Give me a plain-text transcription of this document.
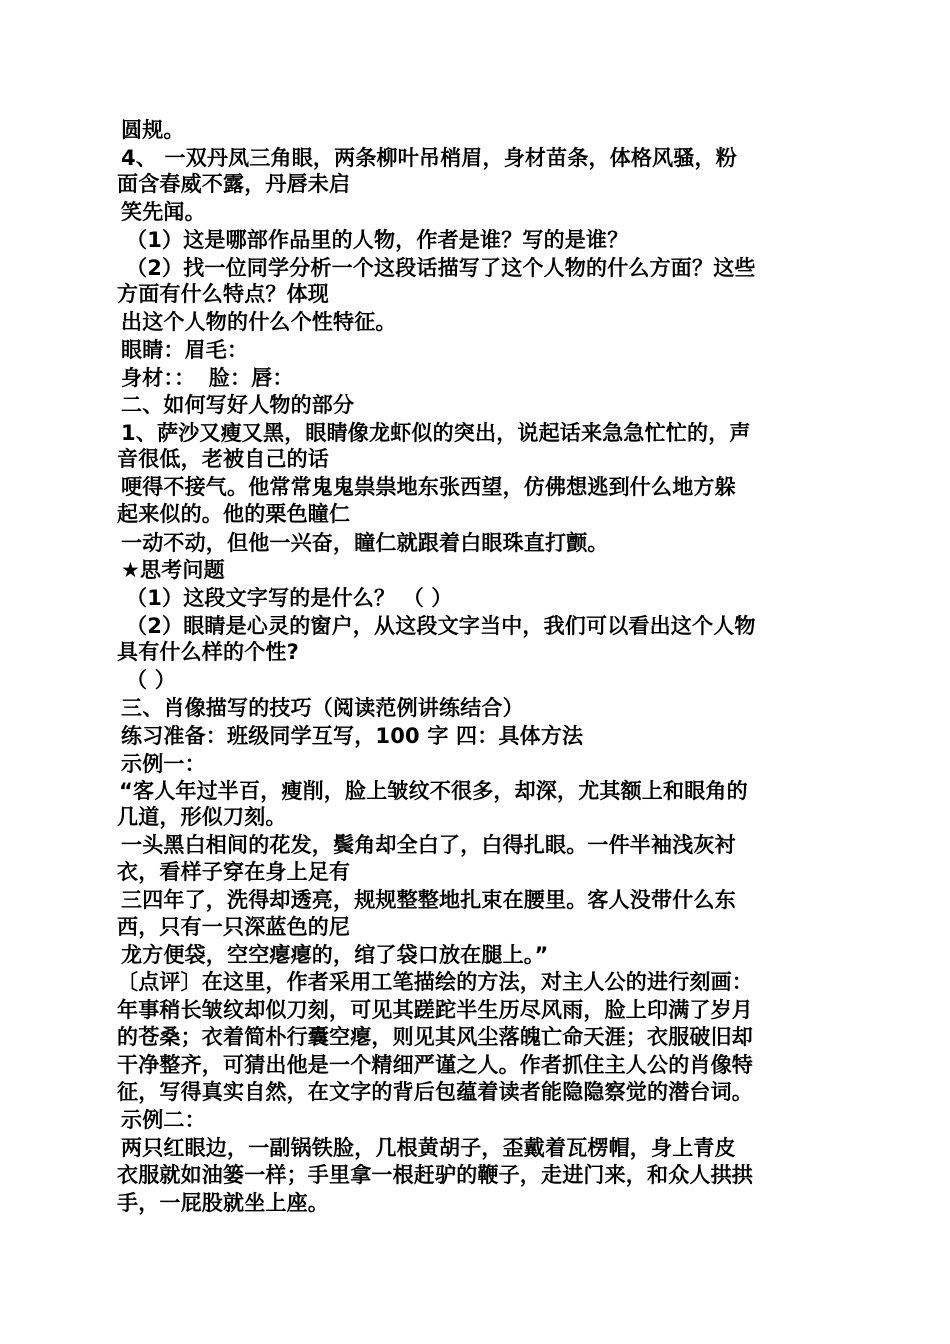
圆规。
4、 一双丹凤三角眼，两条柳叶吊梢眉，身材苗条，体格风骚，粉
面含春威不露，丹唇未启
笑先闻。
（1）这是哪部作品里的人物，作者是谁？写的是谁？
（2）找一位同学分析一个这段话描写了这个人物的什么方面？这些
方面有什么特点？体现
出这个人物的什么个性特征。
眼睛：眉毛：
身材：： 脸：唇：
二、如何写好人物的部分
1、萨沙又瘦又黑，眼睛像龙虾似的突出，说起话来急急忙忙的，声
音很低，老被自己的话
哽得不接气。他常常鬼鬼祟祟地东张西望，仿佛想逃到什么地方躲
起来似的。他的栗色瞳仁
一动不动，但他一兴奋，瞳仁就跟着白眼珠直打颤。
★思考问题
（1）这段文字写的是什么？ （ ）
（2）眼睛是心灵的窗户，从这段文字当中，我们可以看出这个人物
具有什么样的个性?
（ ）
三、肖像描写的技巧（阅读范例讲练结合）
练习准备：班级同学互写，100 字 四：具体方法
示例一：
“客人年过半百，瘦削，脸上皱纹不很多，却深，尤其额上和眼角的
几道，形似刀刻。
一头黑白相间的花发，鬓角却全白了，白得扎眼。一件半袖浅灰衬
衣，看样子穿在身上足有
三四年了，洗得却透亮，规规整整地扎束在腰里。客人没带什么东
西，只有一只深蓝色的尼
龙方便袋，空空瘪瘪的，绾了袋口放在腿上。”
〔点评〕在这里，作者采用工笔描绘的方法，对主人公的进行刻画：
年事稍长皱纹却似刀刻，可见其蹉跎半生历尽风雨，脸上印满了岁月
的苍桑；衣着简朴行囊空瘪，则见其风尘落魄亡命天涯；衣服破旧却
干净整齐，可猜出他是一个精细严谨之人。作者抓住主人公的肖像特
征，写得真实自然，在文字的背后包蕴着读者能隐隐察觉的潜台词。
示例二：
两只红眼边，一副锅铁脸，几根黄胡子，歪戴着瓦楞帽，身上青皮
衣服就如油篓一样；手里拿一根赶驴的鞭子，走进门来，和众人拱拱
手，一屁股就坐上座。
